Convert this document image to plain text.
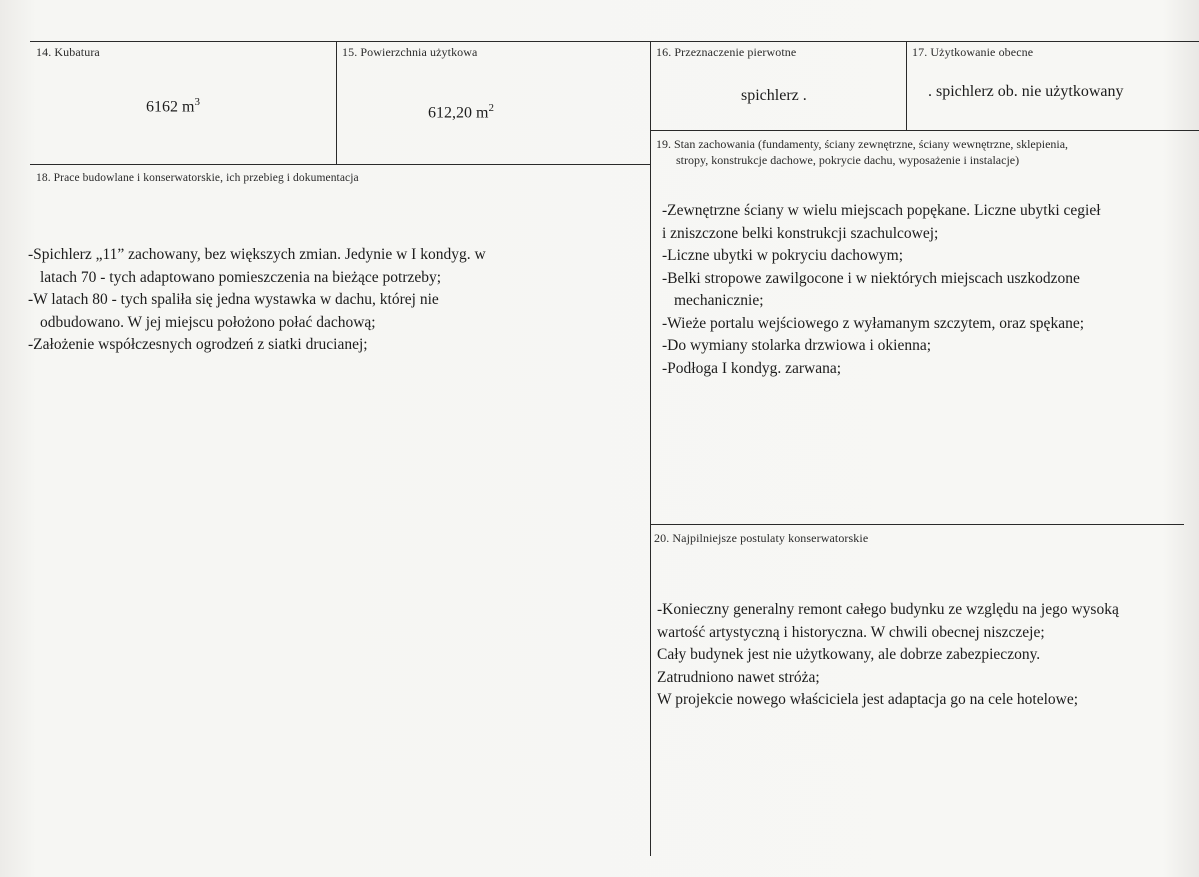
14. Kubatura
6162 $m^3$
15. Powierzchnia użytkowa
612,20 $m^2$
16. Przeznaczenie pierwotne
spichlerz .
17. Użytkowanie obecne
. spichlerz ob. nie użytkowany
18. Prace budowlane i konserwatorskie, ich przebieg i dokumentacja
-Spichlerz „11” zachowany, bez większych zmian. Jedynie w I kondyg. w
latach 70 - tych adaptowano pomieszczenia na bieżące potrzeby;
-W latach 80 - tych spaliła się jedna wystawka w dachu, której nie
odbudowano. W jej miejscu położono połać dachową;
-Założenie współczesnych ogrodzeń z siatki drucianej;
19. Stan zachowania (fundamenty, ściany zewnętrzne, ściany wewnętrzne, sklepienia,
stropy, konstrukcje dachowe, pokrycie dachu, wyposażenie i instalacje)
-Zewnętrzne ściany w wielu miejscach popękane. Liczne ubytki cegieł
i zniszczone belki konstrukcji szachulcowej;
-Liczne ubytki w pokryciu dachowym;
-Belki stropowe zawilgocone i w niektórych miejscach uszkodzone
mechanicznie;
-Wieże portalu wejściowego z wyłamanym szczytem, oraz spękane;
-Do wymiany stolarka drzwiowa i okienna;
-Podłoga I kondyg. zarwana;
20. Najpilniejsze postulaty konserwatorskie
-Konieczny generalny remont całego budynku ze względu na jego wysoką
wartość artystyczną i historyczna. W chwili obecnej niszczeje;
Cały budynek jest nie użytkowany, ale dobrze zabezpieczony.
Zatrudniono nawet stróża;
W projekcie nowego właściciela jest adaptacja go na cele hotelowe;
